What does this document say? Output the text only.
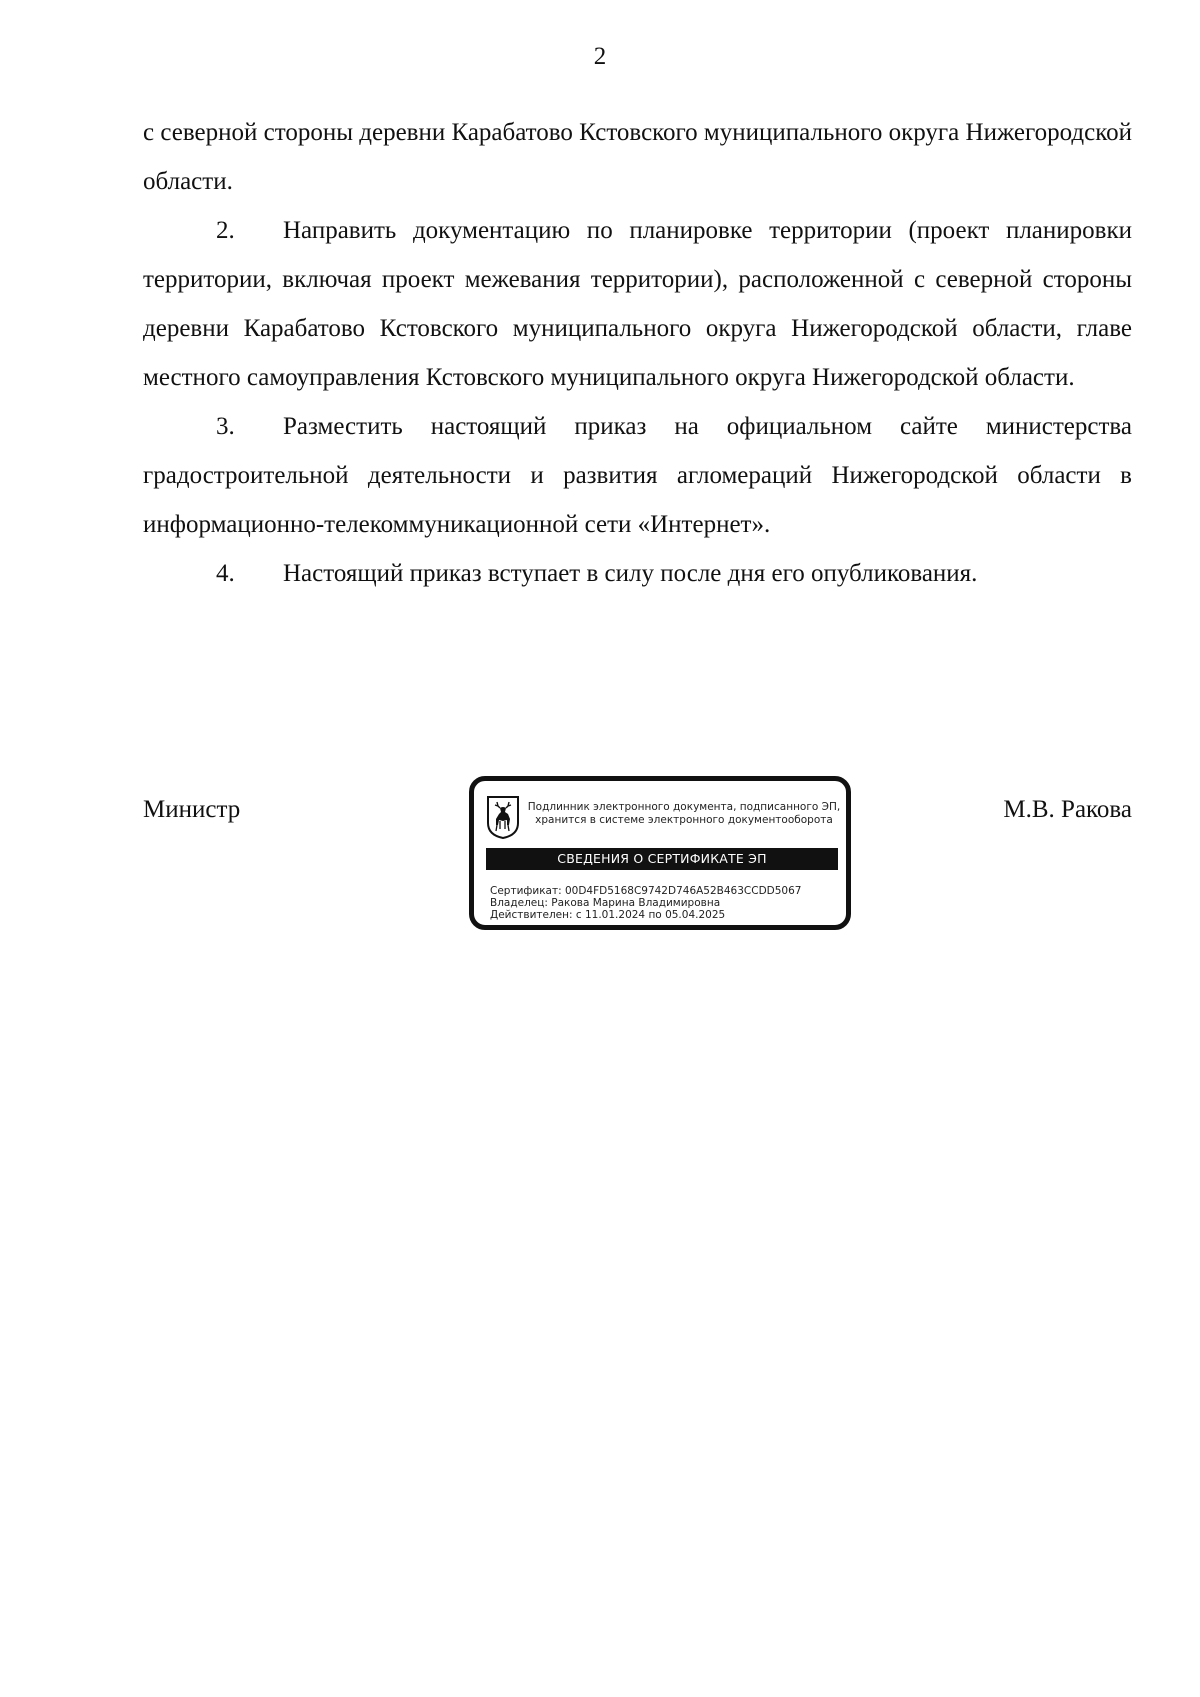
2

с северной стороны деревни Карабатово Кстовского муниципального округа Нижегородской области.

2. Направить документацию по планировке территории (проект планировки территории, включая проект межевания территории), расположенной с северной стороны деревни Карабатово Кстовского муниципального округа Нижегородской области, главе местного самоуправления Кстовского муниципального округа Нижегородской области.

3. Разместить настоящий приказ на официальном сайте министерства градостроительной деятельности и развития агломераций Нижегородской области в информационно-телекоммуникационной сети «Интернет».

4. Настоящий приказ вступает в силу после дня его опубликования.

Министр	Подлинник электронного документа, подписанного ЭП,
хранится в системе электронного документооборота
СВЕДЕНИЯ О СЕРТИФИКАТЕ ЭП
Сертификат: 00D4FD5168C9742D746A52B463CCDD5067
Владелец: Ракова Марина Владимировна
Действителен: с 11.01.2024 по 05.04.2025
М.В. Ракова
